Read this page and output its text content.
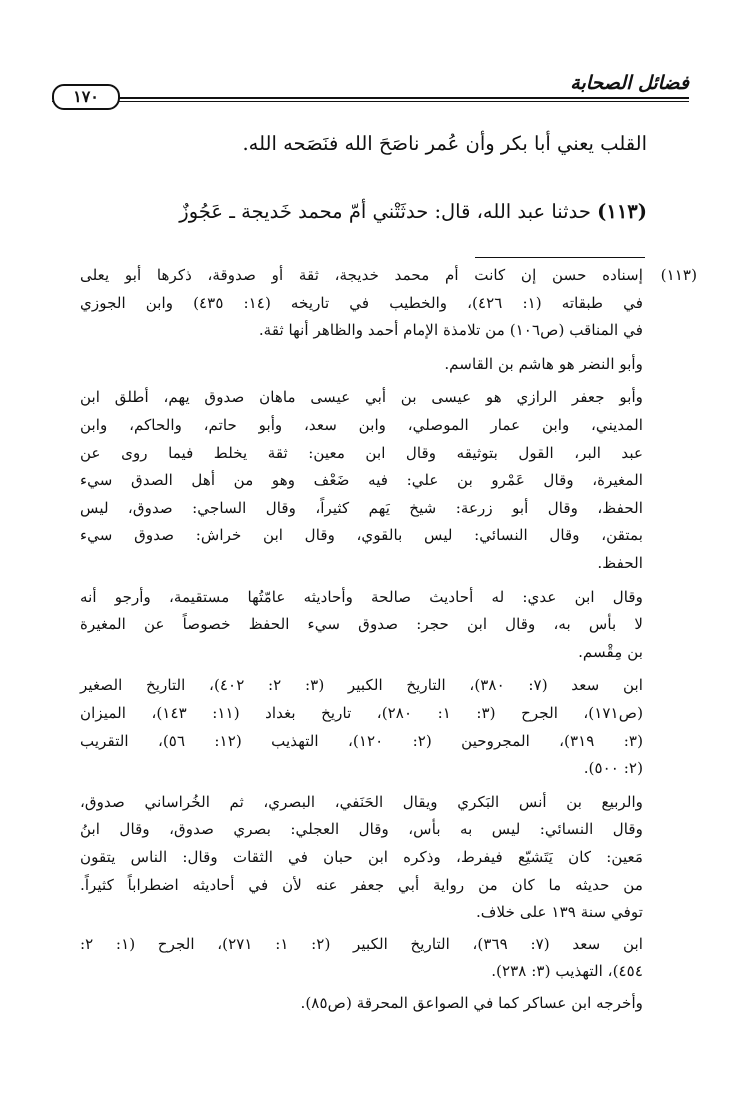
فضائل الصحابة
١٧٠
القلب يعني أبا بكر وأن عُمر ناصَحَ الله فنَصَحه الله.
(١١٣) حدثنا عبد الله، قال: حدثَتْني أمّ محمد خَديجة ـ عَجُوزٌ
(١١٣)
إسناده حسن إن كانت أم محمد خديجة، ثقة أو صدوقة، ذكرها أبو يعلى
في طبقاته (١: ٤٢٦)، والخطيب في تاريخه (١٤: ٤٣٥) وابن الجوزي
في المناقب (ص١٠٦) من تلامذة الإمام أحمد والظاهر أنها ثقة.
وأبو النضر هو هاشم بن القاسم.
وأبو جعفر الرازي هو عيسى بن أبي عيسى ماهان صدوق يهم، أطلق ابن
المديني، وابن عمار الموصلي، وابن سعد، وأبو حاتم، والحاكم، وابن
عبد البر، القول بتوثيقه وقال ابن معين: ثقة يخلط فيما روى عن
المغيرة، وقال عَمْرو بن علي: فيه ضَعْف وهو من أهل الصدق سيء
الحفظ، وقال أبو زرعة: شيخ يَهم كثيراً، وقال الساجي: صدوق، ليس
بمتقن، وقال النسائي: ليس بالقوي، وقال ابن خراش: صدوق سيء
الحفظ.
وقال ابن عدي: له أحاديث صالحة وأحاديثه عامّتُها مستقيمة، وأرجو أنه
لا بأس به، وقال ابن حجر: صدوق سيء الحفظ خصوصاً عن المغيرة
بن مِقْسم.
ابن سعد (٧: ٣٨٠)، التاريخ الكبير (٣: ٢: ٤٠٢)، التاريخ الصغير
(ص١٧١)، الجرح (٣: ١: ٢٨٠)، تاريخ بغداد (١١: ١٤٣)، الميزان
(٣: ٣١٩)، المجروحين (٢: ١٢٠)، التهذيب (١٢: ٥٦)، التقريب
(٢: ٥٠٠).
والربيع بن أنس البَكري ويقال الحَنَفي، البصري، ثم الخُراساني صدوق،
وقال النسائي: ليس به بأس، وقال العجلي: بصري صدوق، وقال ابنُ
مَعين: كان يَتَشيّع فيفرط، وذكره ابن حبان في الثقات وقال: الناس يتقون
من حديثه ما كان من رواية أبي جعفر عنه لأن في أحاديثه اضطراباً كثيراً.
توفي سنة ١٣٩ على خلاف.
ابن سعد (٧: ٣٦٩)، التاريخ الكبير (٢: ١: ٢٧١)، الجرح (١: ٢:
٤٥٤)، التهذيب (٣: ٢٣٨).
وأخرجه ابن عساكر كما في الصواعق المحرقة (ص٨٥).
